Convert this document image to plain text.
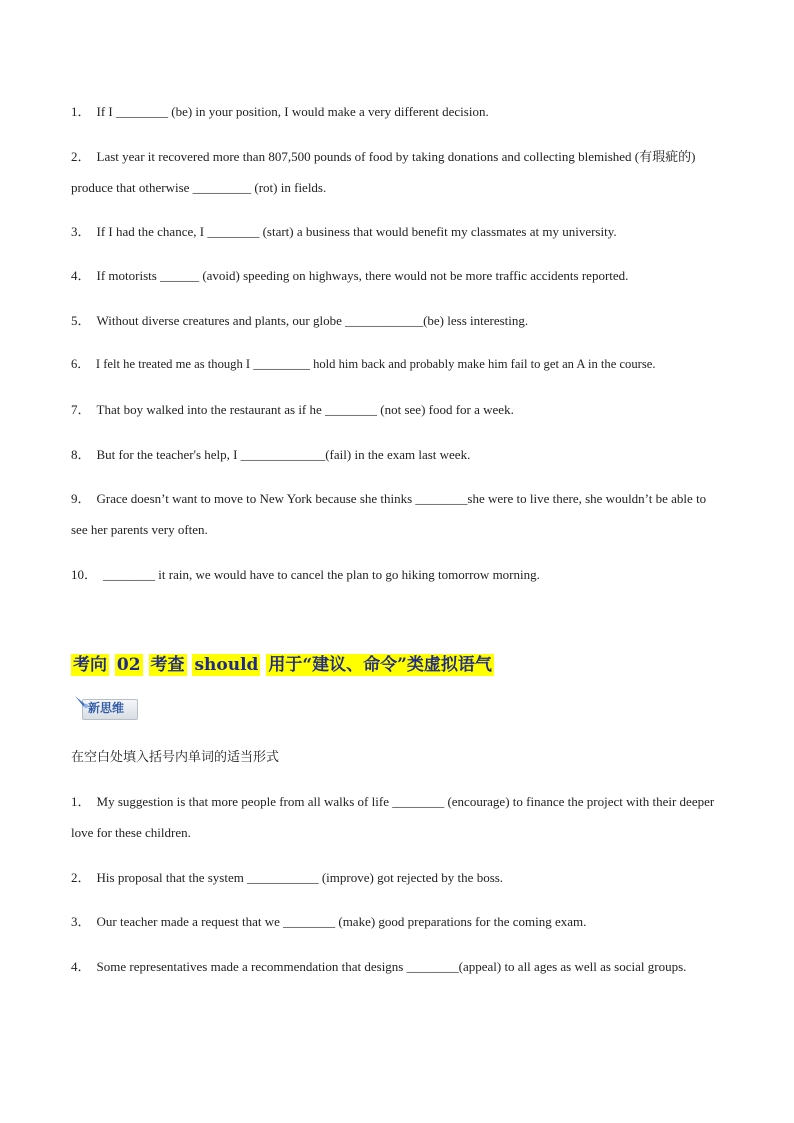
1． If I ________ (be) in your position, I would make a very different decision.
2． Last year it recovered more than 807,500 pounds of food by taking donations and collecting blemished (有瑕疵的) produce that otherwise _________ (rot) in fields.
3． If I had the chance, I ________ (start) a business that would benefit my classmates at my university.
4． If motorists ______ (avoid) speeding on highways, there would not be more traffic accidents reported.
5． Without diverse creatures and plants, our globe ____________(be) less interesting.
6． I felt he treated me as though I _________ hold him back and probably make him fail to get an A in the course.
7． That boy walked into the restaurant as if he ________ (not see) food for a week.
8． But for the teacher's help, I _____________(fail) in the exam last week.
9． Grace doesn’t want to move to New York because she thinks ________she were to live there, she wouldn’t be able to see her parents very often.
10． ________ it rain, we would have to cancel the plan to go hiking tomorrow morning.
考向 02 考查 should 用于“建议、命令”类虚拟语气
新思维
在空白处填入括号内单词的适当形式
1． My suggestion is that more people from all walks of life ________ (encourage) to finance the project with their deeper love for these children.
2． His proposal that the system ___________ (improve) got rejected by the boss.
3． Our teacher made a request that we ________ (make) good preparations for the coming exam.
4． Some representatives made a recommendation that designs ________(appeal) to all ages as well as social groups.
